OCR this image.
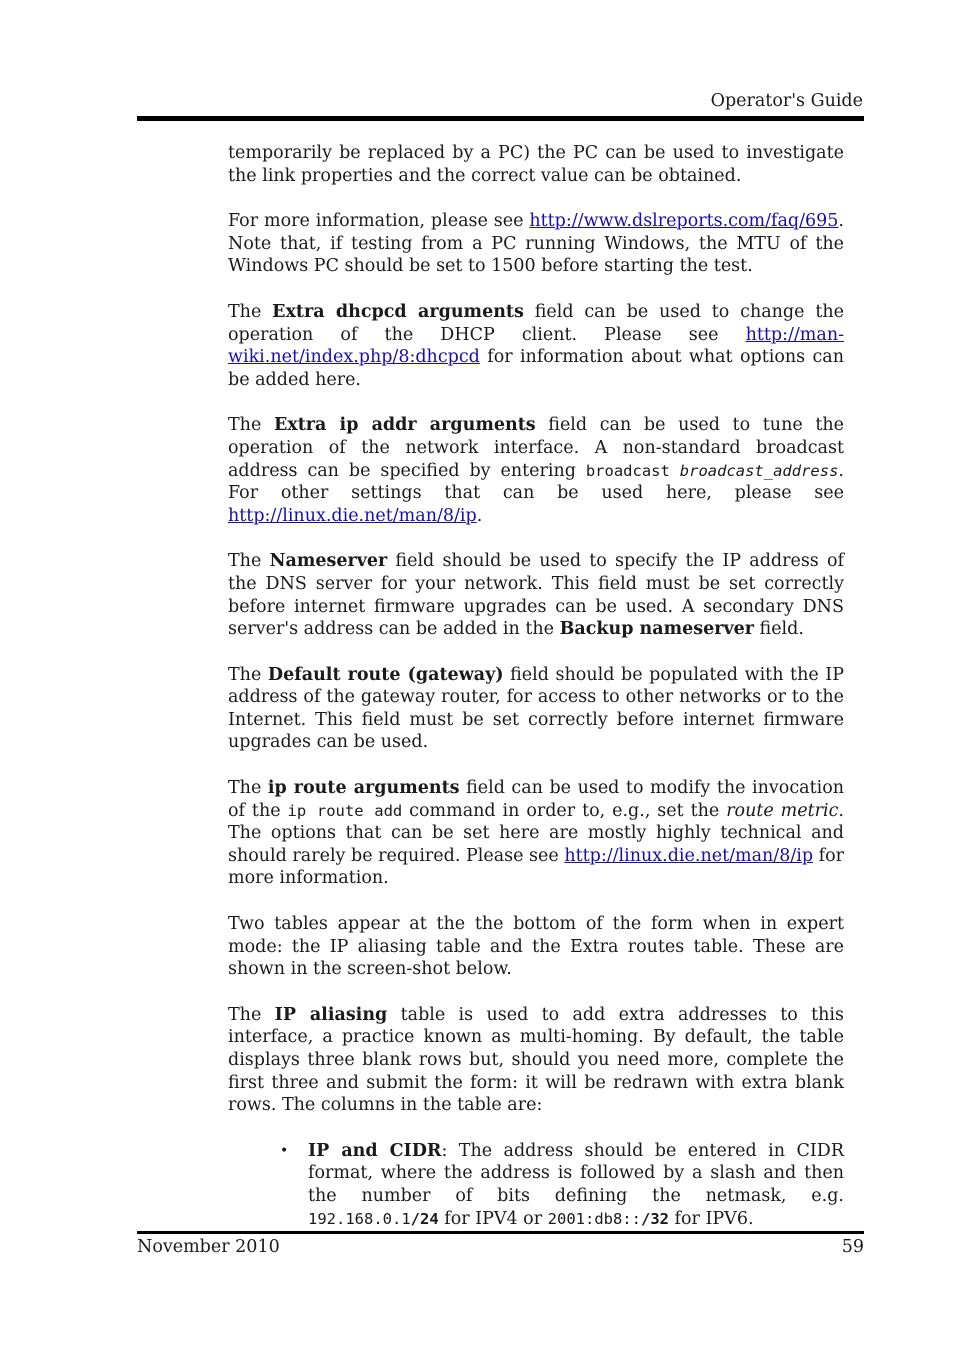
Operator's Guide

temporarily be replaced by a PC) the PC can be used to investigate the link properties and the correct value can be obtained.

For more information, please see http://www.dslreports.com/faq/695. Note that, if testing from a PC running Windows, the MTU of the Windows PC should be set to 1500 before starting the test.

The Extra dhcpcd arguments field can be used to change the operation of the DHCP client. Please see http://man-wiki.net/index.php/8:dhcpcd for information about what options can be added here.

The Extra ip addr arguments field can be used to tune the operation of the network interface. A non-standard broadcast address can be specified by entering broadcast broadcast_address. For other settings that can be used here, please see http://linux.die.net/man/8/ip.

The Nameserver field should be used to specify the IP address of the DNS server for your network. This field must be set correctly before internet firmware upgrades can be used. A secondary DNS server's address can be added in the Backup nameserver field.

The Default route (gateway) field should be populated with the IP address of the gateway router, for access to other networks or to the Internet. This field must be set correctly before internet firmware upgrades can be used.

The ip route arguments field can be used to modify the invocation of the ip route add command in order to, e.g., set the route metric. The options that can be set here are mostly highly technical and should rarely be required. Please see http://linux.die.net/man/8/ip for more information.

Two tables appear at the the bottom of the form when in expert mode: the IP aliasing table and the Extra routes table. These are shown in the screen-shot below.

The IP aliasing table is used to add extra addresses to this interface, a practice known as multi-homing. By default, the table displays three blank rows but, should you need more, complete the first three and submit the form: it will be redrawn with extra blank rows. The columns in the table are:

• IP and CIDR: The address should be entered in CIDR format, where the address is followed by a slash and then the number of bits defining the netmask, e.g. 192.168.0.1/24 for IPV4 or 2001:db8::/32 for IPV6.
November 2010	59
